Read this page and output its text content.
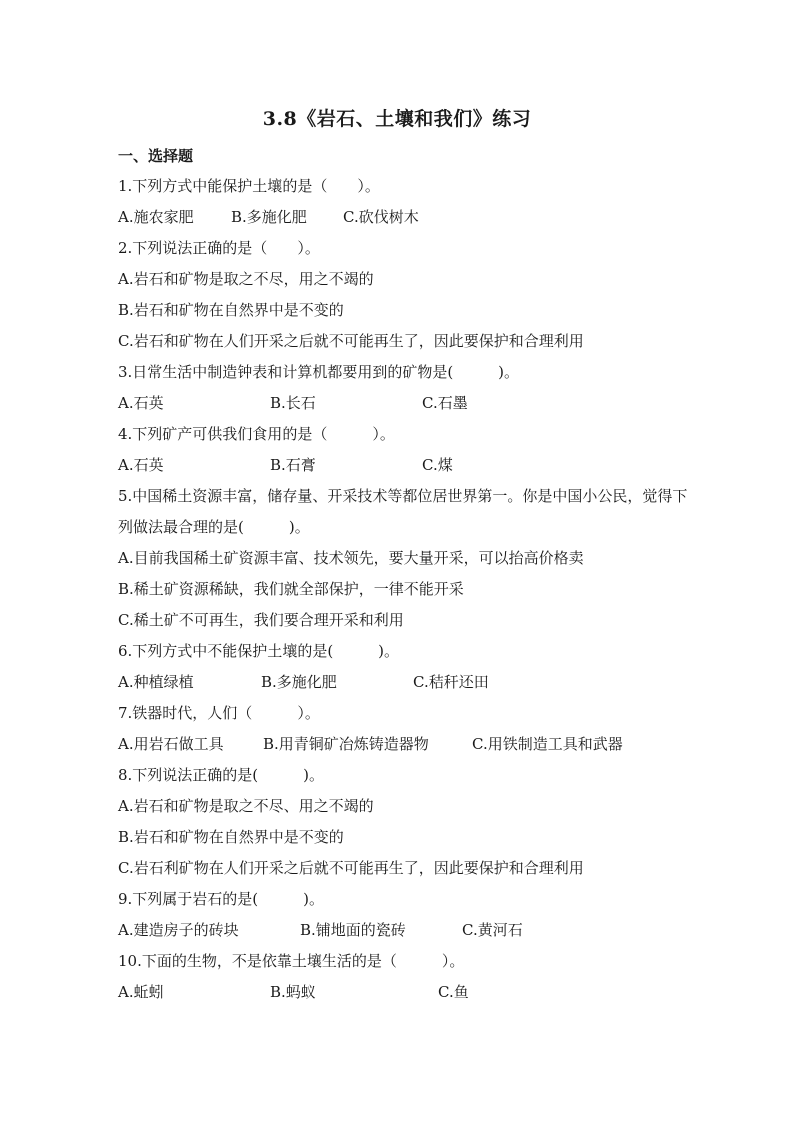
3.8《岩石、土壤和我们》练习
一、选择题
1.下列方式中能保护土壤的是（　　）。
A.施农家肥	B.多施化肥	C.砍伐树木
2.下列说法正确的是（　　）。
A.岩石和矿物是取之不尽，用之不竭的
B.岩石和矿物在自然界中是不变的
C.岩石和矿物在人们开采之后就不可能再生了，因此要保护和合理利用
3.日常生活中制造钟表和计算机都要用到的矿物是(　　　)。
A.石英	B.长石	C.石墨
4.下列矿产可供我们食用的是（　　　）。
A.石英	B.石膏	C.煤
5.中国稀土资源丰富，储存量、开采技术等都位居世界第一。你是中国小公民，觉得下列做法最合理的是(　　　)。
A.目前我国稀土矿资源丰富、技术领先，要大量开采，可以抬高价格卖
B.稀土矿资源稀缺，我们就全部保护，一律不能开采
C.稀土矿不可再生，我们要合理开采和利用
6.下列方式中不能保护土壤的是(　　　)。
A.种植绿植	B.多施化肥	C.秸秆还田
7.铁器时代，人们（　　　）。
A.用岩石做工具	B.用青铜矿冶炼铸造器物	C.用铁制造工具和武器
8.下列说法正确的是(　　　)。
A.岩石和矿物是取之不尽、用之不竭的
B.岩石和矿物在自然界中是不变的
C.岩石利矿物在人们开采之后就不可能再生了，因此要保护和合理利用
9.下列属于岩石的是(　　　)。
A.建造房子的砖块	B.铺地面的瓷砖	C.黄河石
10.下面的生物，不是依靠土壤生活的是（　　　）。
A.蚯蚓	B.蚂蚁	C.鱼
